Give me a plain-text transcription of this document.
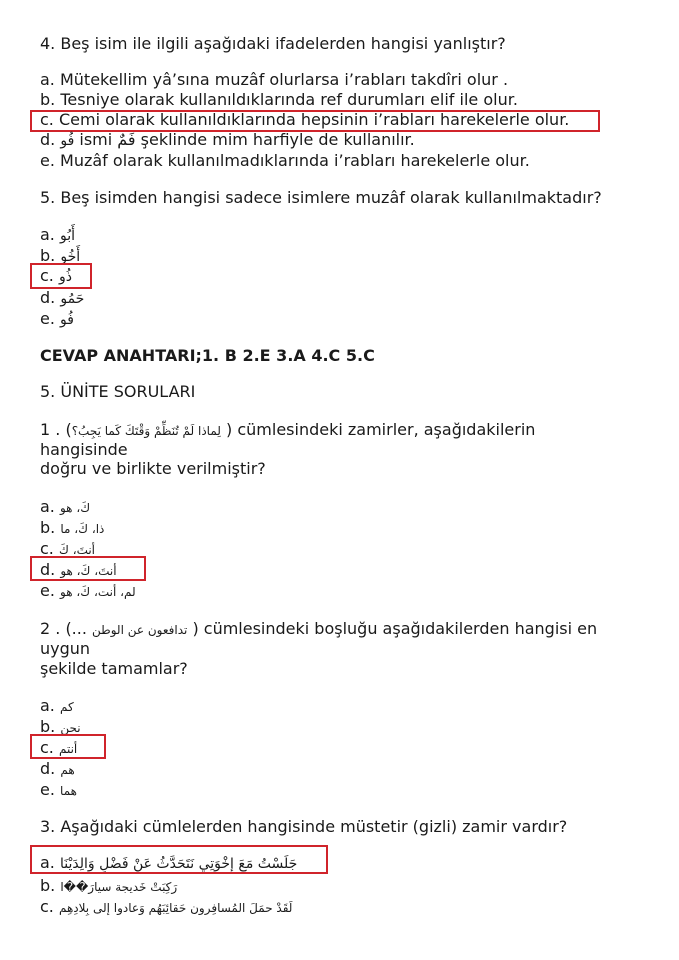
4. Beş isim ile ilgili aşağıdaki ifadelerden hangisi yanlıştır?
a. Mütekellim yâ’sına muzâf olurlarsa i’rabları takdîri olur .
b. Tesniye olarak kullanıldıklarında ref durumları elif ile olur.
c. Cemi olarak kullanıldıklarında hepsinin i’rabları harekelerle olur.
d. فُو ismi فَمٌ şeklinde mim harfiyle de kullanılır.
e. Muzâf olarak kullanılmadıklarında i’rabları harekelerle olur.
5. Beş isimden hangisi sadece isimlere muzâf olarak kullanılmaktadır?
a. أَبُو
b. أَخُو
c. ذُو
d. حَمُو
e. فُو
CEVAP ANAHTARI;1. B 2.E 3.A 4.C 5.C
5. ÜNİTE SORULARI
1 . (لِماذا لَمْ تُنَظِّمْ وَقْتَكَ كَما يَجِبُ؟ ) cümlesindeki zamirler, aşağıdakilerin
hangisinde
doğru ve birlikte verilmiştir?
a. كَ، هو
b. ذا، كَ، ما
c. أنتَ، كَ
d. أنتَ، كَ، هو
e. لم، أنت، كَ، هو
2 . (... تدافعون عن الوطن ) cümlesindeki boşluğu aşağıdakilerden hangisi en
uygun
şekilde tamamlar?
a. كم
b. نحن
c. أنتم
d. هم
e. هما
3. Aşağıdaki cümlelerden hangisinde müstetir (gizli) zamir vardır?
a. جَلَسْتُ مَعَ إِخْوَتِي نَتَحَدَّثُ عَنْ فَضْلِ وَالِدَيْنَا
b. رَكِبَتْ خَديجة سيارَ��ا
c. لَقَدْ حمَلَ المُسافِرون حَقائِبَهُم وَعادوا إلى بِلادِهِم
